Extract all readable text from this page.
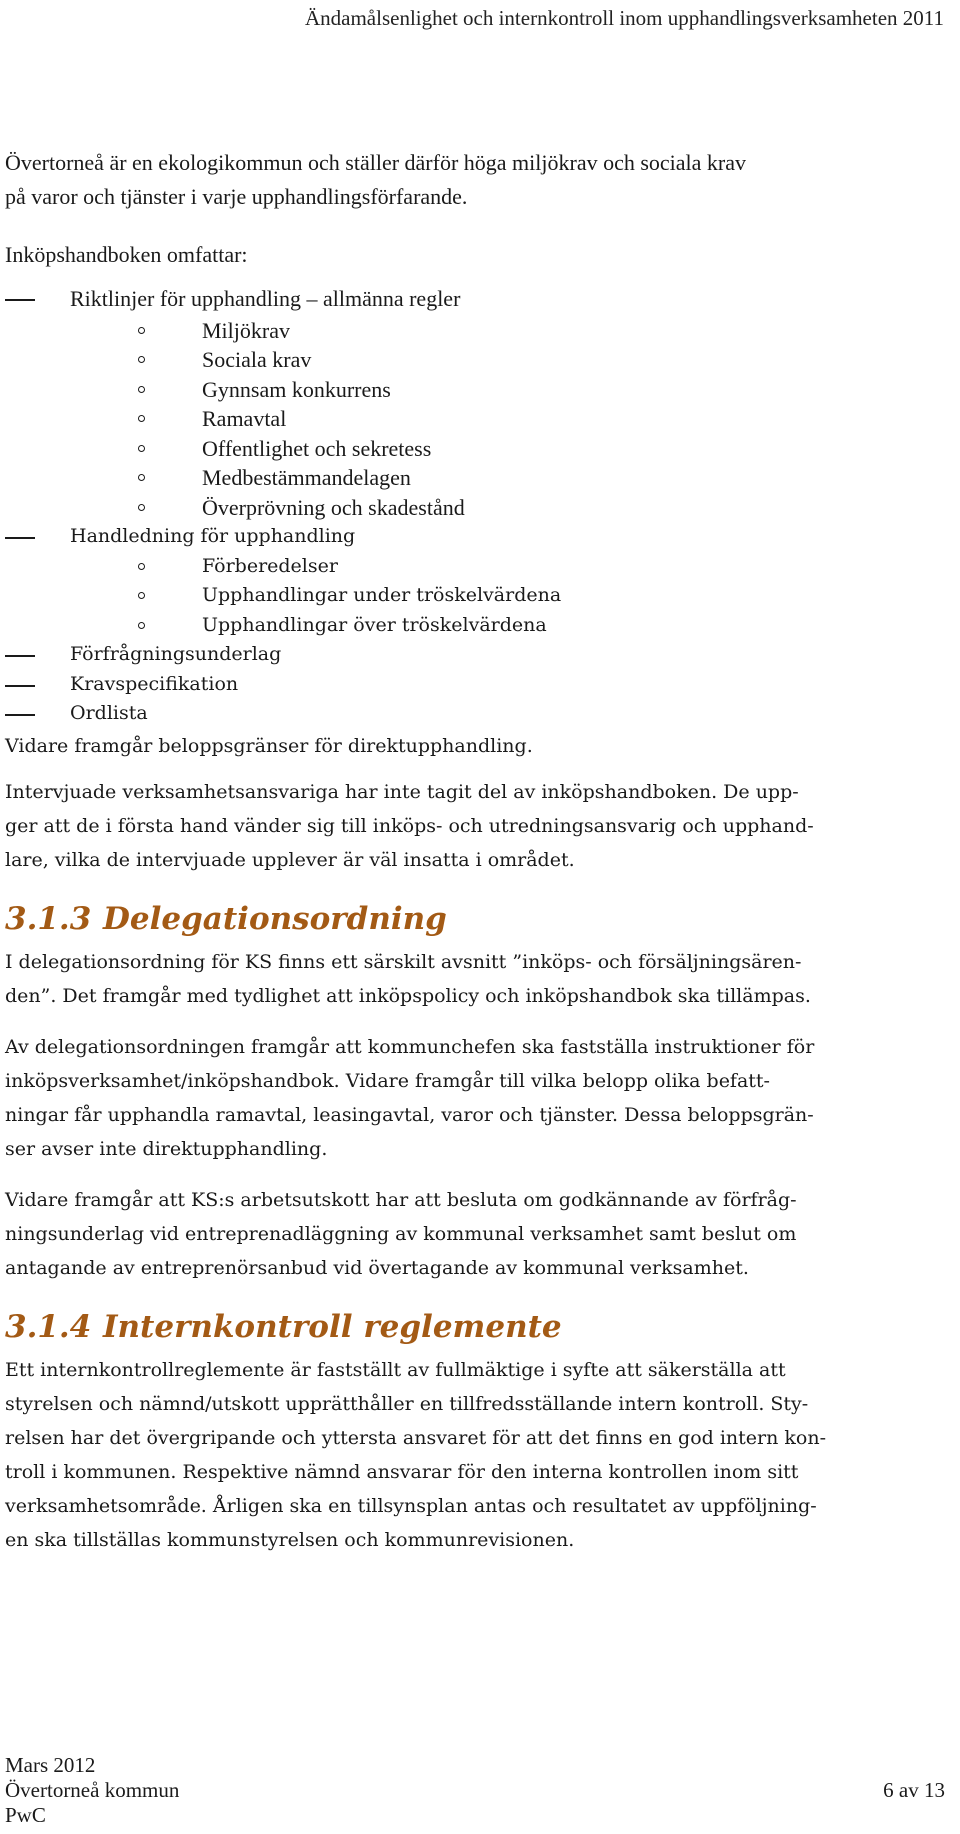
Ändamålsenlighet och internkontroll inom upphandlingsverksamheten 2011

Övertorneå är en ekologikommun och ställer därför höga miljökrav och sociala krav

på varor och tjänster i varje upphandlingsförfarande.

Inköpshandboken omfattar:

Riktlinjer för upphandling – allmänna regler
Miljökrav
Sociala krav
Gynnsam konkurrens
Ramavtal
Offentlighet och sekretess
Medbestämmandelagen
Överprövning och skadestånd
Handledning för upphandling
Förberedelser
Upphandlingar under tröskelvärdena
Upphandlingar över tröskelvärdena
Förfrågningsunderlag
Kravspecifikation
Ordlista

Vidare framgår beloppsgränser för direktupphandling.

Intervjuade verksamhetsansvariga har inte tagit del av inköpshandboken. De upp-

ger att de i första hand vänder sig till inköps- och utredningsansvarig och upphand-

lare, vilka de intervjuade upplever är väl insatta i området.

3.1.3 Delegationsordning

I delegationsordning för KS finns ett särskilt avsnitt ”inköps- och försäljningsären-

den”. Det framgår med tydlighet att inköpspolicy och inköpshandbok ska tillämpas.

Av delegationsordningen framgår att kommunchefen ska fastställa instruktioner för

inköpsverksamhet/inköpshandbok. Vidare framgår till vilka belopp olika befatt-

ningar får upphandla ramavtal, leasingavtal, varor och tjänster. Dessa beloppsgrän-

ser avser inte direktupphandling.

Vidare framgår att KS:s arbetsutskott har att besluta om godkännande av förfråg-

ningsunderlag vid entreprenadläggning av kommunal verksamhet samt beslut om

antagande av entreprenörsanbud vid övertagande av kommunal verksamhet.

3.1.4 Internkontroll reglemente

Ett internkontrollreglemente är fastställt av fullmäktige i syfte att säkerställa att

styrelsen och nämnd/utskott upprätthåller en tillfredsställande intern kontroll. Sty-

relsen har det övergripande och yttersta ansvaret för att det finns en god intern kon-

troll i kommunen. Respektive nämnd ansvarar för den interna kontrollen inom sitt

verksamhetsområde. Årligen ska en tillsynsplan antas och resultatet av uppföljning-

en ska tillställas kommunstyrelsen och kommunrevisionen.

Mars 2012
Övertorneå kommun
PwC
6 av 13
